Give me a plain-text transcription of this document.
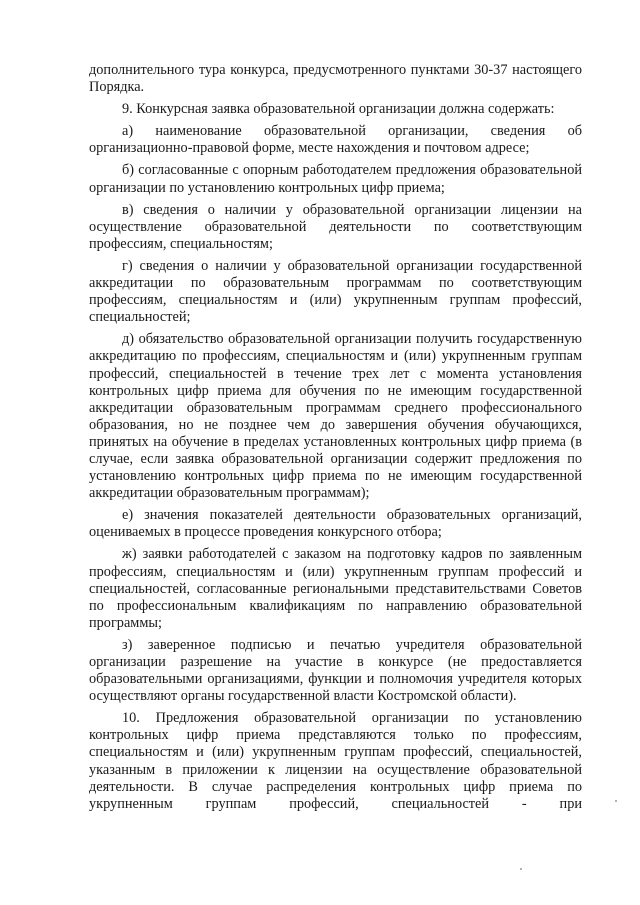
дополнительного тура конкурса, предусмотренного пунктами 30-37 настоящего Порядка.

9. Конкурсная заявка образовательной организации должна содержать:

а) наименование образовательной организации, сведения об организационно-правовой форме, месте нахождения и почтовом адресе;

б) согласованные с опорным работодателем предложения образовательной организации по установлению контрольных цифр приема;

в) сведения о наличии у образовательной организации лицензии на осуществление образовательной деятельности по соответствующим профессиям, специальностям;

г) сведения о наличии у образовательной организации государственной аккредитации по образовательным программам по соответствующим профессиям, специальностям и (или) укрупненным группам профессий, специальностей;

д) обязательство образовательной организации получить государственную аккредитацию по профессиям, специальностям и (или) укрупненным группам профессий, специальностей в течение трех лет с момента установления контрольных цифр приема для обучения по не имеющим государственной аккредитации образовательным программам среднего профессионального образования, но не позднее чем до завершения обучения обучающихся, принятых на обучение в пределах установленных контрольных цифр приема (в случае, если заявка образовательной организации содержит предложения по установлению контрольных цифр приема по не имеющим государственной аккредитации образовательным программам);

е) значения показателей деятельности образовательных организаций, оцениваемых в процессе проведения конкурсного отбора;

ж) заявки работодателей с заказом на подготовку кадров по заявленным профессиям, специальностям и (или) укрупненным группам профессий и специальностей, согласованные региональными представительствами Советов по профессиональным квалификациям по направлению образовательной программы;

з) заверенное подписью и печатью учредителя образовательной организации разрешение на участие в конкурсе (не предоставляется образовательными организациями, функции и полномочия учредителя которых осуществляют органы государственной власти Костромской области).

10. Предложения образовательной организации по установлению контрольных цифр приема представляются только по профессиям, специальностям и (или) укрупненным группам профессий, специальностей, указанным в приложении к лицензии на осуществление образовательной деятельности. В случае распределения контрольных цифр приема по укрупненным группам профессий, специальностей - при
